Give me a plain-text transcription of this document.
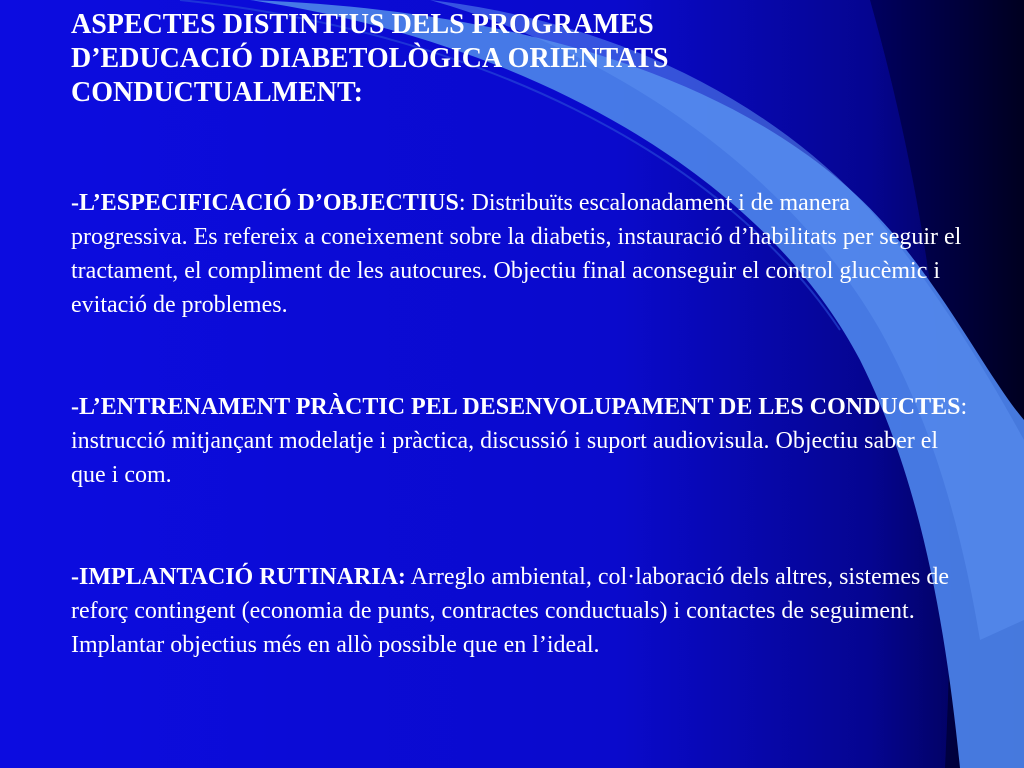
ASPECTES DISTINTIUS DELS PROGRAMES
D’EDUCACIÓ DIABETOLÒGICA ORIENTATS
CONDUCTUALMENT:

-L’ESPECIFICACIÓ D’OBJECTIUS: Distribuïts escalonadament i de manera progressiva. Es refereix a coneixement sobre la diabetis, instauració d’habilitats per seguir el tractament, el compliment de les autocures. Objectiu final aconseguir el control glucèmic i evitació de problemes.

-L’ENTRENAMENT PRÀCTIC PEL DESENVOLUPAMENT DE LES CONDUCTES: instrucció mitjançant modelatje i pràctica, discussió i suport audiovisula. Objectiu saber el que i com.

-IMPLANTACIÓ RUTINARIA: Arreglo ambiental, col·laboració dels altres, sistemes de reforç contingent (economia de punts, contractes conductuals) i contactes de seguiment. Implantar objectius més en allò possible que en l’ideal.
